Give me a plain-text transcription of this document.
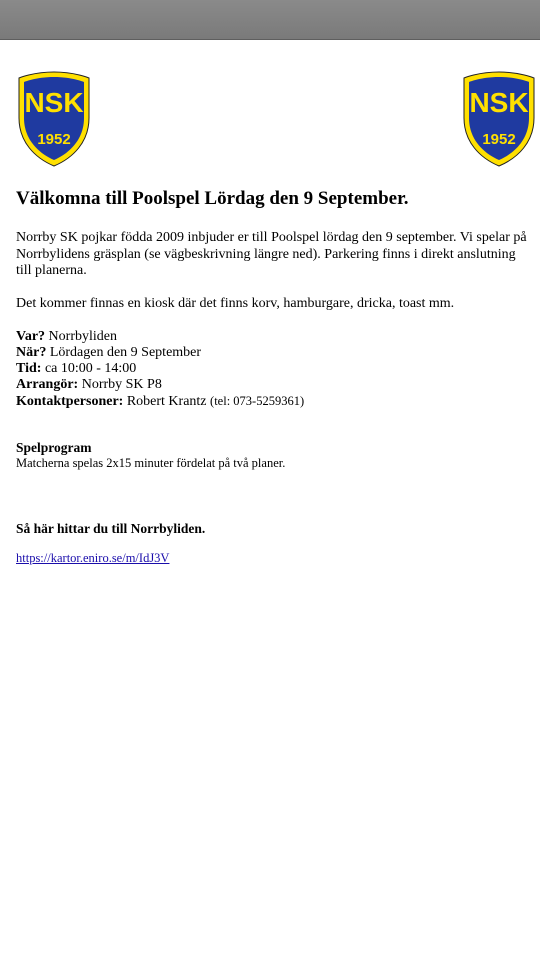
NSK
1952
NSK
1952
Välkomna till Poolspel Lördag den 9 September.

Norrby SK pojkar födda 2009 inbjuder er till Poolspel lördag den 9 september. Vi spelar på Norrbylidens gräsplan (se vägbeskrivning längre ned). Parkering finns i direkt anslutning till planerna.

Det kommer finnas en kiosk där det finns korv, hamburgare, dricka, toast mm.

Var? Norrbyliden
När? Lördagen den 9 September
Tid: ca 10:00 - 14:00
Arrangör: Norrby SK P8
Kontaktpersoner: Robert Krantz (tel: 073-5259361)
Spelprogram
Matcherna spelas 2x15 minuter fördelat på två planer.
Så här hittar du till Norrbyliden.
https://kartor.eniro.se/m/IdJ3V
